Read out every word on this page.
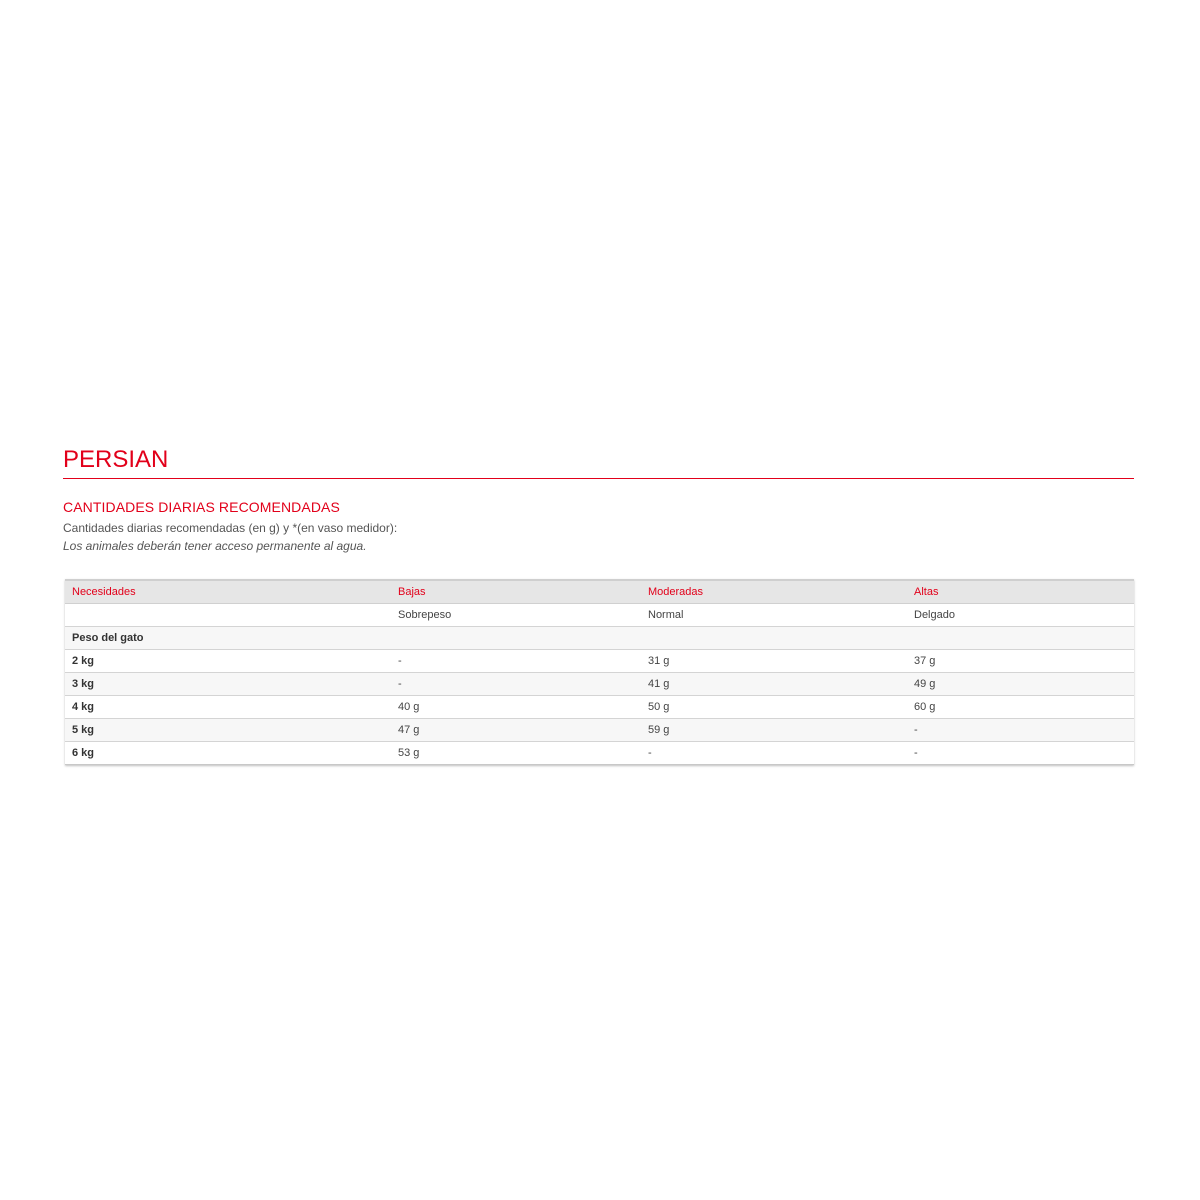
PERSIAN
CANTIDADES DIARIAS RECOMENDADAS
Cantidades diarias recomendadas (en g) y *(en vaso medidor):
Los animales deberán tener acceso permanente al agua.
Necesidades	Bajas	Moderadas	Altas
	Sobrepeso	Normal	Delgado
Peso del gato			
2 kg	-	31 g	37 g
3 kg	-	41 g	49 g
4 kg	40 g	50 g	60 g
5 kg	47 g	59 g	-
6 kg	53 g	-	-
